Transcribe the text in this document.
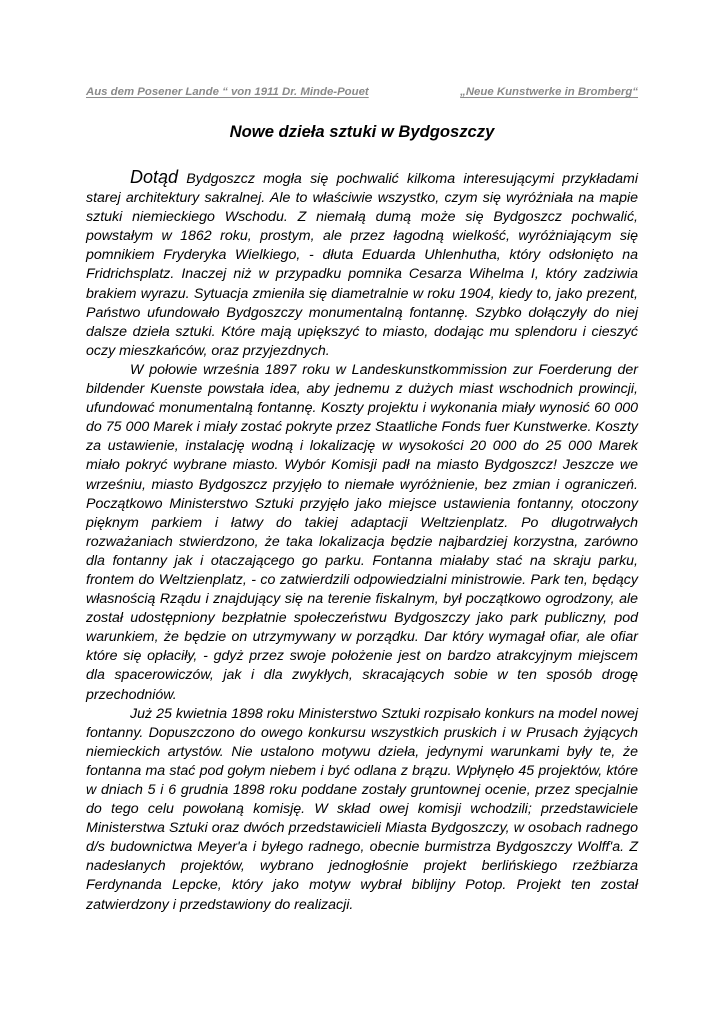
Aus dem Posener Lande “ von 1911 Dr. Minde-Pouet	„Neue Kunstwerke in Bromberg“
Nowe dzieła sztuki w Bydgoszczy

Dotąd Bydgoszcz mogła się pochwalić kilkoma interesującymi przykładami starej architektury sakralnej. Ale to właściwie wszystko, czym się wyróżniała na mapie sztuki niemieckiego Wschodu. Z niemałą dumą może się Bydgoszcz pochwalić, powstałym w 1862 roku, prostym, ale przez łagodną wielkość, wyróżniającym się pomnikiem Fryderyka Wielkiego, - dłuta Eduarda Uhlenhutha, który odsłonięto na Fridrichsplatz. Inaczej niż w przypadku pomnika Cesarza Wihelma I, który zadziwia brakiem wyrazu. Sytuacja zmieniła się diametralnie w roku 1904, kiedy to, jako prezent, Państwo ufundowało Bydgoszczy monumentalną fontannę. Szybko dołączyły do niej dalsze dzieła sztuki. Które mają upiększyć to miasto, dodając mu splendoru i cieszyć oczy mieszkańców, oraz przyjezdnych.

W połowie września 1897 roku w Landeskunstkommission zur Foerderung der bildender Kuenste powstała idea, aby jednemu z dużych miast wschodnich prowincji, ufundować monumentalną fontannę. Koszty projektu i wykonania miały wynosić 60 000 do 75 000 Marek i miały zostać pokryte przez Staatliche Fonds fuer Kunstwerke. Koszty za ustawienie, instalację wodną i lokalizację w wysokości 20 000 do 25 000 Marek miało pokryć wybrane miasto. Wybór Komisji padł na miasto Bydgoszcz! Jeszcze we wrześniu, miasto Bydgoszcz przyjęło to niemałe wyróżnienie, bez zmian i ograniczeń. Początkowo Ministerstwo Sztuki przyjęło jako miejsce ustawienia fontanny, otoczony pięknym parkiem i łatwy do takiej adaptacji Weltzienplatz. Po długotrwałych rozważaniach stwierdzono, że taka lokalizacja będzie najbardziej korzystna, zarówno dla fontanny jak i otaczającego go parku. Fontanna miałaby stać na skraju parku, frontem do Weltzienplatz, - co zatwierdzili odpowiedzialni ministrowie. Park ten, będący własnością Rządu i znajdujący się na terenie fiskalnym, był początkowo ogrodzony, ale został udostępniony bezpłatnie społeczeństwu Bydgoszczy jako park publiczny, pod warunkiem, że będzie on utrzymywany w porządku. Dar który wymagał ofiar, ale ofiar które się opłaciły, - gdyż przez swoje położenie jest on bardzo atrakcyjnym miejscem dla spacerowiczów, jak i dla zwykłych, skracających sobie w ten sposób drogę przechodniów.

Już 25 kwietnia 1898 roku Ministerstwo Sztuki rozpisało konkurs na model nowej fontanny. Dopuszczono do owego konkursu wszystkich pruskich i w Prusach żyjących niemieckich artystów. Nie ustalono motywu dzieła, jedynymi warunkami były te, że fontanna ma stać pod gołym niebem i być odlana z brązu. Wpłynęło 45 projektów, które w dniach 5 i 6 grudnia 1898 roku poddane zostały gruntownej ocenie, przez specjalnie do tego celu powołaną komisję. W skład owej komisji wchodzili; przedstawiciele Ministerstwa Sztuki oraz dwóch przedstawicieli Miasta Bydgoszczy, w osobach radnego d/s budownictwa Meyer'a i byłego radnego, obecnie burmistrza Bydgoszczy Wolff'a. Z nadesłanych projektów, wybrano jednogłośnie projekt berlińskiego rzeźbiarza Ferdynanda Lepcke, który jako motyw wybrał biblijny Potop. Projekt ten został zatwierdzony i przedstawiony do realizacji.
